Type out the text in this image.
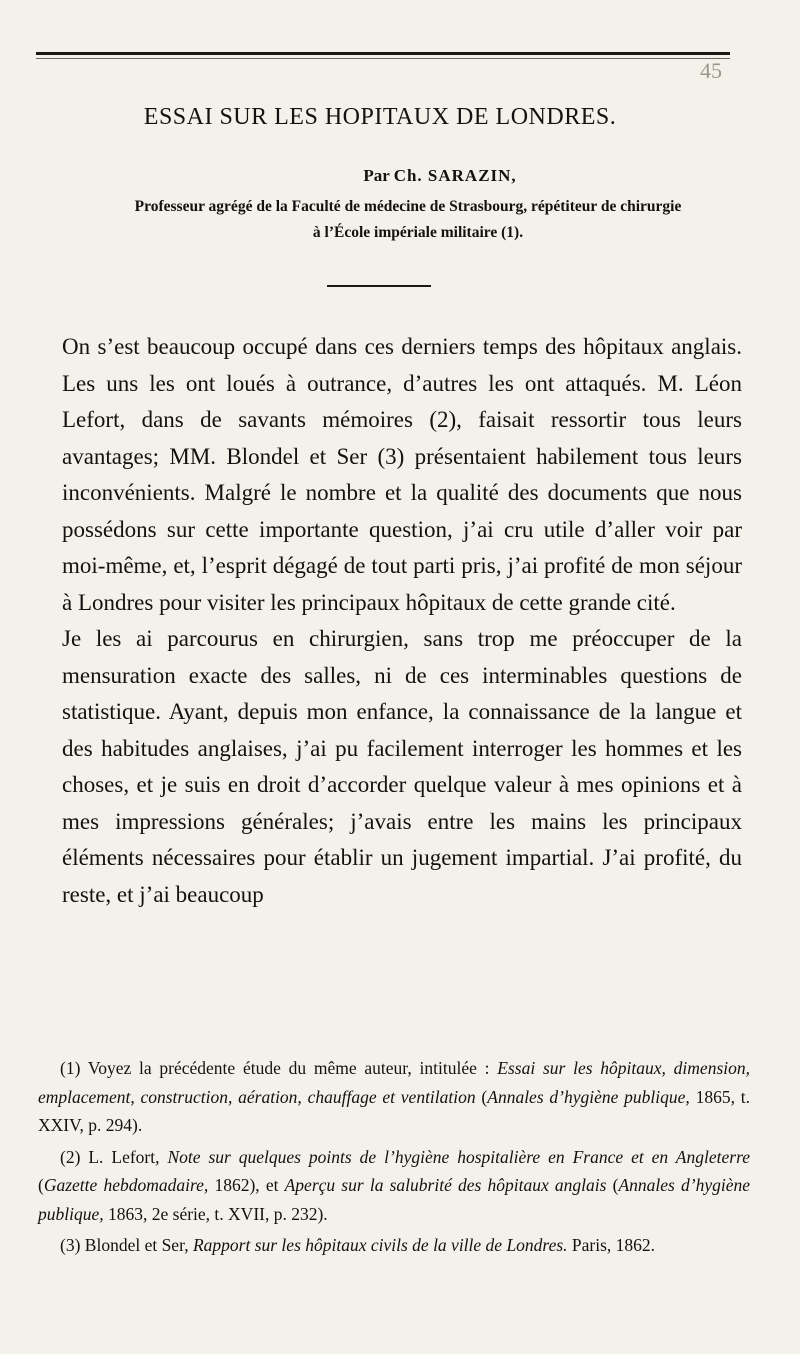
45
ESSAI SUR LES HOPITAUX DE LONDRES.
Par Ch. SARAZIN,
Professeur agrégé de la Faculté de médecine de Strasbourg, répétiteur de chirurgie
à l’École impériale militaire (1).

On s’est beaucoup occupé dans ces derniers temps des hôpitaux anglais. Les uns les ont loués à outrance, d’autres les ont attaqués. M. Léon Lefort, dans de savants mémoires (2), faisait ressortir tous leurs avantages; MM. Blondel et Ser (3) présentaient habilement tous leurs inconvénients. Malgré le nombre et la qualité des documents que nous possédons sur cette importante question, j’ai cru utile d’aller voir par moi-même, et, l’esprit dégagé de tout parti pris, j’ai profité de mon séjour à Londres pour visiter les principaux hôpitaux de cette grande cité.

Je les ai parcourus en chirurgien, sans trop me préoccuper de la mensuration exacte des salles, ni de ces interminables questions de statistique. Ayant, depuis mon enfance, la connaissance de la langue et des habitudes anglaises, j’ai pu facilement interroger les hommes et les choses, et je suis en droit d’accorder quelque valeur à mes opinions et à mes impressions générales; j’avais entre les mains les principaux éléments nécessaires pour établir un jugement impartial. J’ai profité, du reste, et j’ai beaucoup

(1) Voyez la précédente étude du même auteur, intitulée : Essai sur les hôpitaux, dimension, emplacement, construction, aération, chauffage et ventilation (Annales d’hygiène publique, 1865, t. XXIV, p. 294).

(2) L. Lefort, Note sur quelques points de l’hygiène hospitalière en France et en Angleterre (Gazette hebdomadaire, 1862), et Aperçu sur la salubrité des hôpitaux anglais (Annales d’hygiène publique, 1863, 2e série, t. XVII, p. 232).

(3) Blondel et Ser, Rapport sur les hôpitaux civils de la ville de Londres. Paris, 1862.
